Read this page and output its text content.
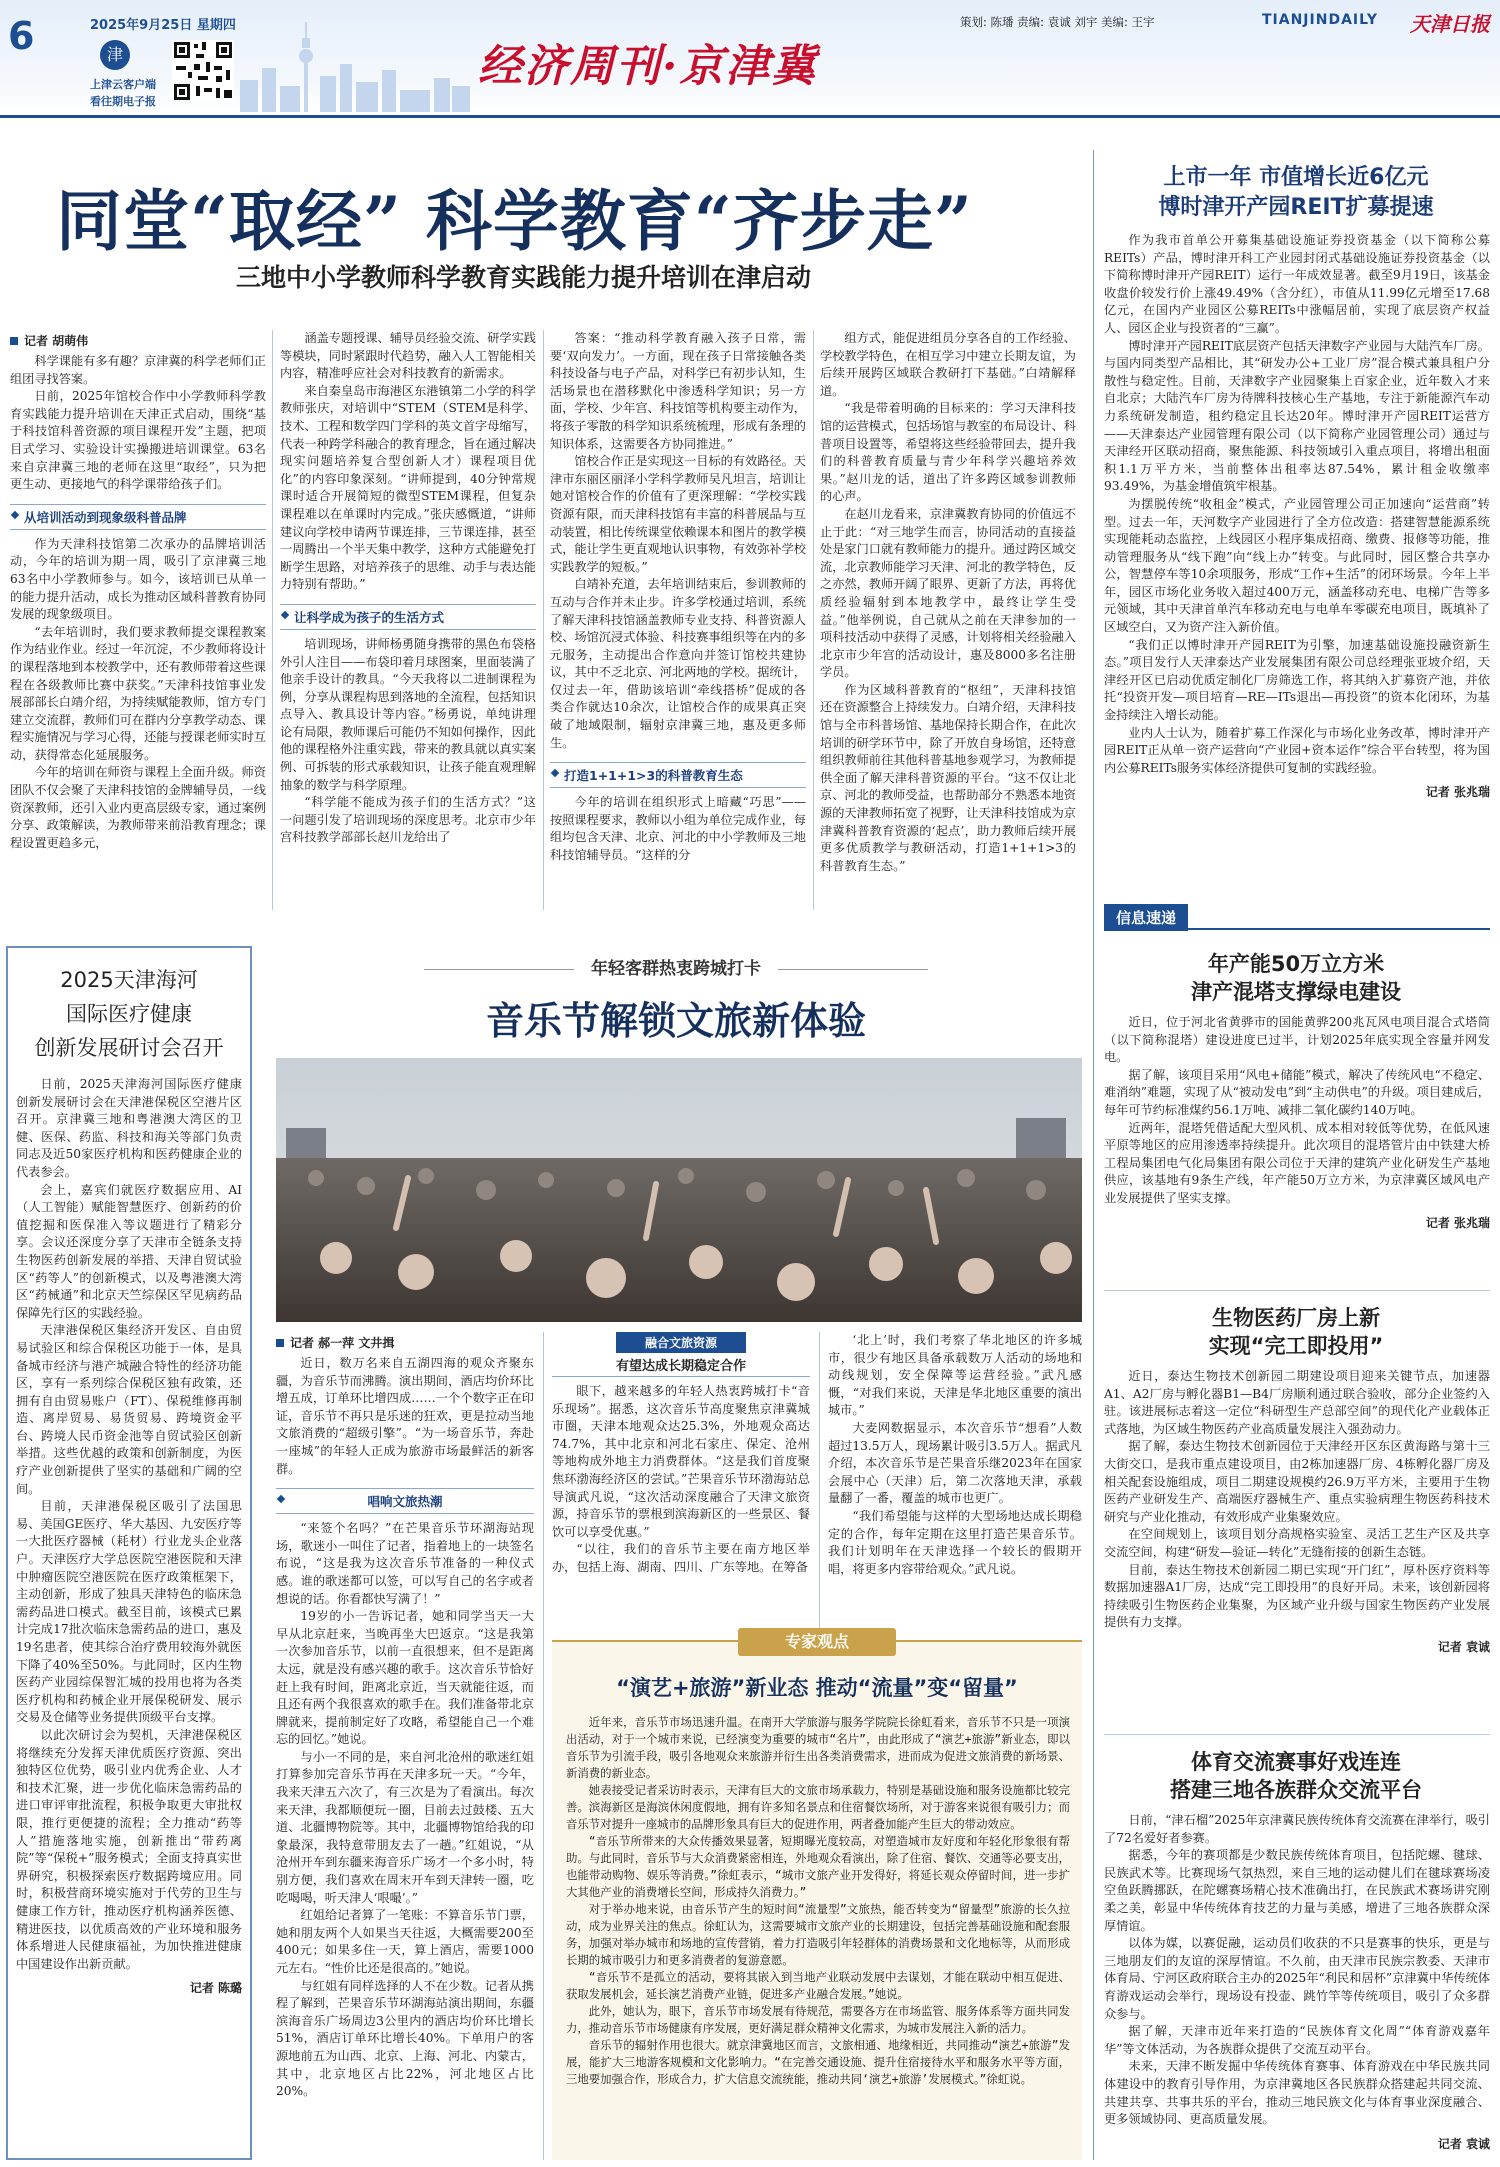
6	2025年9月25日 星期四
津
上津云客户端
看往期电子报
经济周刊·京津冀
策划: 陈璠 责编: 袁诚 刘宇 美编: 王宇	TIANJINDAILY 天津日报
同堂“取经” 科学教育“齐步走”
三地中小学教师科学教育实践能力提升培训在津启动
记者 胡萌伟

科学课能有多有趣？京津冀的科学老师们正组团寻找答案。

日前，2025年馆校合作中小学教师科学教育实践能力提升培训在天津正式启动，围绕“基于科技馆科普资源的项目课程开发”主题，把项目式学习、实验设计实操搬进培训课堂。63名来自京津冀三地的老师在这里“取经”，只为把更生动、更接地气的科学课带给孩子们。

从培训活动到现象级科普品牌

作为天津科技馆第二次承办的品牌培训活动，今年的培训为期一周，吸引了京津冀三地63名中小学教师参与。如今，该培训已从单一的能力提升活动，成长为推动区域科普教育协同发展的现象级项目。

“去年培训时，我们要求教师提交课程教案作为结业作业。经过一年沉淀，不少教师将设计的课程落地到本校教学中，还有教师带着这些课程在各级教师比赛中获奖。”天津科技馆事业发展部部长白靖介绍，为持续赋能教师，馆方专门建立交流群，教师们可在群内分享教学动态、课程实施情况与学习心得，还能与授课老师实时互动，获得常态化延展服务。

今年的培训在师资与课程上全面升级。师资团队不仅会聚了天津科技馆的金牌辅导员，一线资深教师，还引入业内更高层级专家，通过案例分享、政策解读，为教师带来前沿教育理念；课程设置更趋多元，

涵盖专题授课、辅导员经验交流、研学实践等模块，同时紧跟时代趋势，融入人工智能相关内容，精准呼应社会对科技教育的新需求。

来自秦皇岛市海港区东港镇第二小学的科学教师张庆，对培训中“STEM（STEM是科学、技术、工程和数学四门学科的英文首字母缩写，代表一种跨学科融合的教育理念，旨在通过解决现实问题培养复合型创新人才）课程项目优化”的内容印象深刻。“讲师提到，40分钟常规课时适合开展简短的微型STEM课程，但复杂课程难以在单课时内完成。”张庆感慨道，“讲师建议向学校申请两节课连排，三节课连排，甚至一周腾出一个半天集中教学，这种方式能避免打断学生思路，对培养孩子的思维、动手与表达能力特别有帮助。”

让科学成为孩子的生活方式

培训现场，讲师杨勇随身携带的黑色布袋格外引人注目——布袋印着月球图案，里面装满了他亲手设计的教具。“今天我将以二进制课程为例，分享从课程构思到落地的全流程，包括知识点导入、教具设计等内容。”杨勇说，单纯讲理论有局限，教师课后可能仍不知如何操作，因此他的课程格外注重实践，带来的教具就以真实案例、可拆装的形式承载知识，让孩子能直观理解抽象的数学与科学原理。

“科学能不能成为孩子们的生活方式？”这一问题引发了培训现场的深度思考。北京市少年宫科技教学部部长赵川龙给出了

答案：“推动科学教育融入孩子日常，需要‘双向发力’。一方面，现在孩子日常接触各类科技设备与电子产品，对科学已有初步认知，生活场景也在潜移默化中渗透科学知识；另一方面，学校、少年宫、科技馆等机构要主动作为，将孩子零散的科学知识系统梳理，形成有条理的知识体系，这需要各方协同推进。”

馆校合作正是实现这一目标的有效路径。天津市东丽区丽泽小学科学教师吴凡坦言，培训让她对馆校合作的价值有了更深理解：“学校实践资源有限，而天津科技馆有丰富的科普展品与互动装置，相比传统课堂依赖课本和图片的教学模式，能让学生更直观地认识事物，有效弥补学校实践教学的短板。”

白靖补充道，去年培训结束后，参训教师的互动与合作并未止步。许多学校通过培训，系统了解天津科技馆涵盖教师专业支持、科普资源人校、场馆沉浸式体验、科技赛事组织等在内的多元服务，主动提出合作意向并签订馆校共建协议，其中不乏北京、河北两地的学校。据统计，仅过去一年，借助该培训“牵线搭桥”促成的各类合作就达10余次，让馆校合作的成果真正突破了地域限制，辐射京津冀三地，惠及更多师生。

打造1+1+1>3的科普教育生态

今年的培训在组织形式上暗藏“巧思”——按照课程要求，教师以小组为单位完成作业，每组均包含天津、北京、河北的中小学教师及三地科技馆辅导员。“这样的分

组方式，能促进组员分享各自的工作经验、学校教学特色，在相互学习中建立长期友谊，为后续开展跨区域联合教研打下基础。”白靖解释道。

“我是带着明确的目标来的：学习天津科技馆的运营模式，包括场馆与教室的布局设计、科普项目设置等，希望将这些经验带回去，提升我们的科普教育质量与青少年科学兴趣培养效果。”赵川龙的话，道出了许多跨区域参训教师的心声。

在赵川龙看来，京津冀教育协同的价值远不止于此：“对三地学生而言，协同活动的直接益处是家门口就有教师能力的提升。通过跨区域交流，北京教师能学习天津、河北的教学特色，反之亦然，教师开阔了眼界、更新了方法，再将优质经验辐射到本地教学中，最终让学生受益。”他举例说，自己就从之前在天津参加的一项科技活动中获得了灵感，计划将相关经验融入北京市少年宫的活动设计，惠及8000多名注册学员。

作为区域科普教育的“枢纽”，天津科技馆还在资源整合上持续发力。白靖介绍，天津科技馆与全市科普场馆、基地保持长期合作，在此次培训的研学环节中，除了开放自身场馆，还特意组织教师前往其他科普基地参观学习，为教师提供全面了解天津科普资源的平台。“这不仅让北京、河北的教师受益，也帮助部分不熟悉本地资源的天津教师拓宽了视野，让天津科技馆成为京津冀科普教育资源的‘起点’，助力教师后续开展更多优质教学与教研活动，打造1+1+1>3的科普教育生态。”

上市一年 市值增长近6亿元
博时津开产园REIT扩募提速

作为我市首单公开募集基础设施证券投资基金（以下简称公募REITs）产品，博时津开科工产业园封闭式基础设施证券投资基金（以下简称博时津开产园REIT）运行一年成效显著。截至9月19日，该基金收盘价较发行价上涨49.49%（含分红），市值从11.99亿元增至17.68亿元，在国内产业园区公募REITs中涨幅居前，实现了底层资产权益人、园区企业与投资者的“三赢”。

博时津开产园REIT底层资产包括天津数字产业园与大陆汽车厂房。与国内同类型产品相比，其“研发办公+工业厂房”混合模式兼具租户分散性与稳定性。目前，天津数字产业园聚集上百家企业，近年数入才来自北京；大陆汽车厂房为待牌科技核心生产基地，专注于新能源汽车动力系统研发制造，租约稳定且长达20年。博时津开产园REIT运营方——天津泰达产业园管理有限公司（以下简称产业园管理公司）通过与天津经开区联动招商，聚焦能源、科技领域引入重点项目，将增出租面积1.1万平方米，当前整体出租率达87.54%，累计租金收缴率93.49%，为基金增值筑牢根基。

为摆脱传统“收租金”模式，产业园管理公司正加速向“运营商”转型。过去一年，天河数字产业园进行了全方位改造：搭建智慧能源系统实现能耗动态监控，上线园区小程序集成招商、缴费、报修等功能，推动管理服务从“线下跑”向“线上办”转变。与此同时，园区整合共享办公，智慧停车等10余项服务，形成“工作+生活”的闭环场景。今年上半年，园区市场化业务收入超过400万元，涵盖移动充电、电梯广告等多元领域，其中天津首单汽车移动充电与电单车零碳充电项目，既填补了区域空白，又为资产注入新价值。

“我们正以博时津开产园REIT为引擎，加速基础设施投融资新生态。”项目发行人天津泰达产业发展集团有限公司总经理张亚坡介绍，天津经开区已启动优质定制化厂房筛选工作，将其纳入扩募资产池，并依托“投资开发—项目培育—RE—ITs退出—再投资”的资本化闭环，为基金持续注入增长动能。

业内人士认为，随着扩募工作深化与市场化业务改革，博时津开产园REIT正从单一资产运营向“产业园+资本运作”综合平台转型，将为国内公募REITs服务实体经济提供可复制的实践经验。

记者 张兆瑞
信息速递
年产能50万立方米
津产混塔支撑绿电建设

近日，位于河北省黄骅市的国能黄骅200兆瓦风电项目混合式塔筒（以下简称混塔）建设进度已过半，计划2025年底实现全容量并网发电。

据了解，该项目采用“风电+储能”模式，解决了传统风电“不稳定、难消纳”难题，实现了从“被动发电”到“主动供电”的升级。项目建成后，每年可节约标准煤约56.1万吨、减排二氧化碳约140万吨。

近两年，混塔凭借适配大型风机、成本相对较低等优势，在低风速平原等地区的应用渗透率持续提升。此次项目的混塔管片由中铁建大桥工程局集团电气化局集团有限公司位于天津的建筑产业化研发生产基地供应，该基地有9条生产线，年产能50万立方米，为京津冀区域风电产业发展提供了坚实支撑。

记者 张兆瑞
生物医药厂房上新
实现“完工即投用”

近日，泰达生物技术创新园二期建设项目迎来关键节点，加速器A1、A2厂房与孵化器B1—B4厂房顺利通过联合验收，部分企业签约入驻。该进展标志着这一定位“科研型生产总部空间”的现代化产业载体正式落地，为区域生物医药产业高质量发展注入强劲动力。

据了解，泰达生物技术创新园位于天津经开区东区黄海路与第十三大街交口，是我市重点建设项目，由2栋加速器厂房、4栋孵化器厂房及相关配套设施组成，项目二期建设规模约26.9万平方米，主要用于生物医药产业研发生产、高端医疗器械生产、重点实验病理生物医药科技术研究与产业化推动，有效形成产业集聚效应。

在空间规划上，该项目划分高规格实验室、灵活工艺生产区及共享交流空间，构建“研发—验证—转化”无缝衔接的创新生态链。

目前，泰达生物技术创新园二期已实现“开门红”，厚朴医疗资料等数据加速器A1厂房，达成“完工即投用”的良好开局。未来，该创新园将持续吸引生物医药企业集聚，为区域产业升级与国家生物医药产业发展提供有力支撑。

记者 袁诚
体育交流赛事好戏连连
搭建三地各族群众交流平台

日前，“津石榴”2025年京津冀民族传统体育交流赛在津举行，吸引了72名爱好者参赛。

据悉，今年的赛项都是少数民族传统体育项目，包括陀螺、毽球、民族武术等。比赛现场气氛热烈，来自三地的运动健儿们在毽球赛场凌空鱼跃腾挪跃，在陀螺赛场精心技术准确出打，在民族武术赛场讲究刚柔之美，彰显中华传统体育技艺的力量与美感，增进了三地各族群众深厚情谊。

以体为媒，以赛促融，运动员们收获的不只是赛事的快乐，更是与三地朋友们的友谊的深厚情谊。不久前，由天津市民族宗教委、天津市体育局、宁河区政府联合主办的2025年“利民和居杯”京津冀中华传统体育游戏运动会举行，现场设有投壶、跳竹竿等传统项目，吸引了众多群众参与。

据了解，天津市近年来打造的“民族体育文化周”“体育游戏嘉年华”等文体活动，为各族群众提供了交流互动平台。

未来，天津不断发掘中华传统体育赛事、体育游戏在中华民族共同体建设中的教育引导作用，为京津冀地区各民族群众搭建起共同交流、共建共享、共事共乐的平台，推动三地民族文化与体育事业深度融合、更多领域协同、更高质量发展。

记者 袁诚
2025天津海河
国际医疗健康
创新发展研讨会召开

日前，2025天津海河国际医疗健康创新发展研讨会在天津港保税区空港片区召开。京津冀三地和粤港澳大湾区的卫健、医保、药监、科技和海关等部门负责同志及近50家医疗机构和医药健康企业的代表参会。

会上，嘉宾们就医疗数据应用、AI（人工智能）赋能智慧医疗、创新药的价值挖掘和医保准入等议题进行了精彩分享。会议还深度分享了天津市全链条支持生物医药创新发展的举措、天津自贸试验区“药等人”的创新模式，以及粤港澳大湾区“药械通”和北京天竺综保区罕见病药品保障先行区的实践经验。

天津港保税区集经济开发区、自由贸易试验区和综合保税区功能于一体，是具备城市经济与港产城融合特性的经济功能区，享有一系列综合保税区独有政策，还拥有自由贸易账户（FT）、保税维修再制造、离岸贸易、易货贸易、跨境资金平台、跨境人民币资金池等自贸试验区创新举措。这些优越的政策和创新制度，为医疗产业创新提供了坚实的基础和广阔的空间。

目前，天津港保税区吸引了法国思易、美国GE医疗、华大基因、九安医疗等一大批医疗器械（耗材）行业龙头企业落户。天津医疗大学总医院空港医院和天津中肿瘤医院空港医院在医疗政策框架下，主动创新，形成了独具天津特色的临床急需药品进口模式。截至目前，该模式已累计完成17批次临床急需药品的进口，惠及19名患者，使其综合治疗费用较海外就医下降了40%至50%。与此同时，区内生物医药产业园综保智汇城的投用也将为各类医疗机构和药械企业开展保税研发、展示交易及仓储等业务提供顶级平台支撑。

以此次研讨会为契机，天津港保税区将继续充分发挥天津优质医疗资源、突出独特区位优势，吸引业内优秀企业、人才和技术汇聚，进一步优化临床急需药品的进口审评审批流程，积极争取更大审批权限，推行更便捷的流程；全力推动“药等人”措施落地实施，创新推出“带药离院”等“保税+”服务模式；全面支持真实世界研究，积极探索医疗数据跨境应用。同时，积极营商环境实施对于代劳的卫生与健康工作方针，推动医疗机构涵养医德、精进医技，以优质高效的产业环境和服务体系增进人民健康福祉，为加快推进健康中国建设作出新贡献。

记者 陈璐
年轻客群热衷跨城打卡
音乐节解锁文旅新体验
记者 郝一萍 文井揖

近日，数万名来自五湖四海的观众齐聚东疆，为音乐节而沸腾。演出期间，酒店均价环比增五成，订单环比增四成……一个个数字正在印证，音乐节不再只是乐迷的狂欢，更是拉动当地文旅消费的“超级引擎”。“为一场音乐节，奔赴一座城”的年轻人正成为旅游市场最鲜活的新客群。

唱响文旅热潮

“来签个名吗？”在芒果音乐节环湖海站现场，歌迷小一叫住了记者，指着地上的一块签名布说，“这是我为这次音乐节准备的一种仪式感。谁的歌迷都可以签，可以写自己的名字或者想说的话。你看都快写满了！”

19岁的小一告诉记者，她和同学当天一大早从北京赶来，当晚再坐大巴返京。“这是我第一次参加音乐节，以前一直很想来，但不是距离太远，就是没有感兴趣的歌手。这次音乐节恰好赶上我有时间，距离北京近，当天就能往返，而且还有两个我很喜欢的歌手在。我们准备带北京牌就来，提前制定好了攻略，希望能自己一个难忘的回忆。”她说。

与小一不同的是，来自河北沧州的歌迷红姐打算参加完音乐节再在天津多玩一天。“今年，我来天津五六次了，有三次是为了看演出。每次来天津，我都顺便玩一圈，目前去过鼓楼、五大道、北疆博物院等。其中，北疆博物馆给我的印象最深，我特意带朋友去了一趟。”红姐说，“从沧州开车到东疆来海音乐广场才一个多小时，特别方便，我们喜欢在周末开车到天津转一圈，吃吃喝喝，听天津人‘哏嘬’。”

红姐给记者算了一笔账：不算音乐节门票，她和朋友两个人如果当天往返，大概需要200至400元；如果多住一天，算上酒店，需要1000元左右。“性价比还是很高的。”她说。

与红姐有同样选择的人不在少数。记者从携程了解到，芒果音乐节环湖海站演出期间，东疆滨海音乐广场周边3公里内的酒店均价环比增长51%，酒店订单环比增长40%。下单用户的客源地前五为山西、北京、上海、河北、内蒙古，其中，北京地区占比22%，河北地区占比20%。

融合文旅资源
有望达成长期稳定合作

眼下，越来越多的年轻人热衷跨城打卡“音乐现场”。据悉，这次音乐节高度聚焦京津冀城市圈，天津本地观众达25.3%，外地观众高达74.7%，其中北京和河北石家庄、保定、沧州等地构成外地主力消费群体。“这是我们首度聚焦环渤海经济区的尝试。”芒果音乐节环渤海站总导演武凡说，“这次活动深度融合了天津文旅资源，持音乐节的票根到滨海新区的一些景区、餐饮可以享受优惠。”

“以往，我们的音乐节主要在南方地区举办，包括上海、湖南、四川、广东等地。在筹备

‘北上’时，我们考察了华北地区的许多城市，很少有地区具备承载数万人活动的场地和动线规划，安全保障等运营经验。”武凡感慨，“对我们来说，天津是华北地区重要的演出城市。”

大麦网数据显示，本次音乐节“想看”人数超过13.5万人，现场累计吸引3.5万人。据武凡介绍，本次音乐节是芒果音乐继2023年在国家会展中心（天津）后，第二次落地天津，承载量翻了一番，覆盖的城市也更广。

“我们希望能与这样的大型场地达成长期稳定的合作，每年定期在这里打造芒果音乐节。我们计划明年在天津选择一个较长的假期开唱，将更多内容带给观众。”武凡说。

专家观点
“演艺+旅游”新业态 推动“流量”变“留量”

近年来，音乐节市场迅速升温。在南开大学旅游与服务学院院长徐虹看来，音乐节不只是一项演出活动，对于一个城市来说，已经演变为重要的城市“名片”，由此形成了“演艺+旅游”新业态，即以音乐节为引流手段，吸引各地观众来旅游并衍生出各类消费需求，进而成为促进文旅消费的新场景、新消费的新业态。

她表接受记者采访时表示，天津有巨大的文旅市场承载力，特别是基础设施和服务设施都比较完善。滨海新区是海滨休闲度假地，拥有许多知名景点和住宿餐饮场所，对于游客来说很有吸引力；而音乐节对提升一座城市的品牌形象具有巨大的促进作用，两者叠加能产生巨大的带动效应。

“音乐节所带来的大众传播效果显著，短期曝光度较高，对塑造城市友好度和年轻化形象很有帮助。与此同时，音乐节与大众消费紧密相连，外地观众看演出，除了住宿、餐饮、交通等必要支出，也能带动购物、娱乐等消费。”徐虹表示，“城市文旅产业开发得好，将延长观众停留时间，进一步扩大其他产业的消费增长空间，形成持久消费力。”

对于举办地来说，由音乐节产生的短时间“流量型”文旅热，能否转变为“留量型”旅游的长久拉动，成为业界关注的焦点。徐虹认为，这需要城市文旅产业的长期建设，包括完善基础设施和配套服务，加强对举办城市和场地的宣传营销，着力打造吸引年轻群体的消费场景和文化地标等，从而形成长期的城市吸引力和更多消费者的复游意愿。

“音乐节不是孤立的活动，要将其嵌入到当地产业联动发展中去谋划，才能在联动中相互促进、获取发展机会，延长演艺消费产业链，促进多产业融合发展。”她说。

此外，她认为，眼下，音乐节市场发展有待规范，需要各方在市场监管、服务体系等方面共同发力，推动音乐节市场健康有序发展，更好满足群众精神文化需求，为城市发展注入新的活力。

音乐节的辐射作用也很大。就京津冀地区而言，文旅相通、地缘相近，共同推动“演艺+旅游”发展，能扩大三地游客规模和文化影响力。“在完善交通设施、提升住宿接待水平和服务水平等方面，三地要加强合作，形成合力，扩大信息交流统能，推动共同‘演艺+旅游’发展模式。”徐虹说。
